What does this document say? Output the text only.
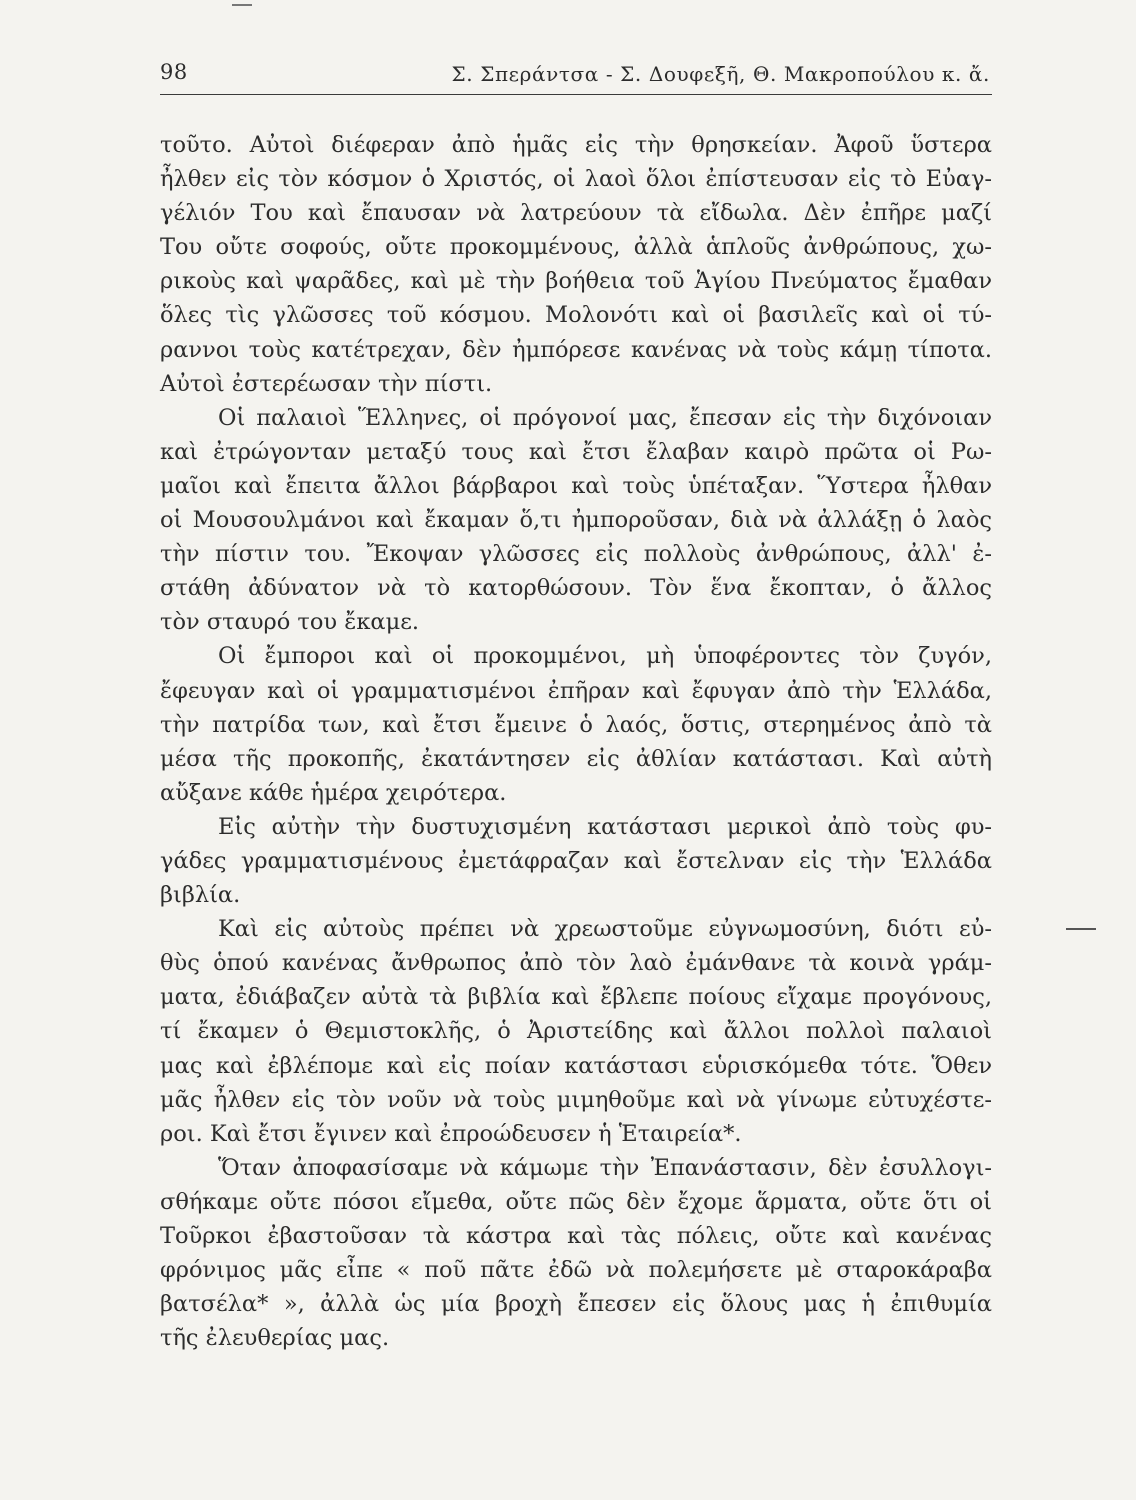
98	Σ. Σπεράντσα - Σ. Δουφεξῆ, Θ. Μακροπούλου κ. ἄ.
τοῦτο. Αὐτοὶ διέφεραν ἀπὸ ἡμᾶς εἰς τὴν θρησκείαν. Ἀφοῦ ὕστερα
ἦλθεν εἰς τὸν κόσμον ὁ Χριστός, οἱ λαοὶ ὅλοι ἐπίστευσαν εἰς τὸ Εὐαγ-
γέλιόν Του καὶ ἔπαυσαν νὰ λατρεύουν τὰ εἴδωλα. Δὲν ἐπῆρε μαζί
Του οὔτε σοφούς, οὔτε προκομμένους, ἀλλὰ ἁπλοῦς ἀνθρώπους, χω-
ρικοὺς καὶ ψαρᾶδες, καὶ μὲ τὴν βοήθεια τοῦ Ἁγίου Πνεύματος ἔμαθαν
ὅλες τὶς γλῶσσες τοῦ κόσμου. Μολονότι καὶ οἱ βασιλεῖς καὶ οἱ τύ-
ραννοι τοὺς κατέτρεχαν, δὲν ἠμπόρεσε κανένας νὰ τοὺς κάμῃ τίποτα.
Αὐτοὶ ἐστερέωσαν τὴν πίστι.
Οἱ παλαιοὶ Ἕλληνες, οἱ πρόγονοί μας, ἔπεσαν εἰς τὴν διχόνοιαν
καὶ ἐτρώγονταν μεταξύ τους καὶ ἔτσι ἔλαβαν καιρὸ πρῶτα οἱ Ρω-
μαῖοι καὶ ἔπειτα ἄλλοι βάρβαροι καὶ τοὺς ὑπέταξαν. Ὕστερα ἦλθαν
οἱ Μουσουλμάνοι καὶ ἔκαμαν ὅ,τι ἠμποροῦσαν, διὰ νὰ ἀλλάξῃ ὁ λαὸς
τὴν πίστιν του. Ἔκοψαν γλῶσσες εἰς πολλοὺς ἀνθρώπους, ἀλλ' ἐ-
στάθη ἀδύνατον νὰ τὸ κατορθώσουν. Τὸν ἕνα ἔκοπταν, ὁ ἄλλος
τὸν σταυρό του ἔκαμε.
Οἱ ἔμποροι καὶ οἱ προκομμένοι, μὴ ὑποφέροντες τὸν ζυγόν,
ἔφευγαν καὶ οἱ γραμματισμένοι ἐπῆραν καὶ ἔφυγαν ἀπὸ τὴν Ἑλλάδα,
τὴν πατρίδα των, καὶ ἔτσι ἔμεινε ὁ λαός, ὅστις, στερημένος ἀπὸ τὰ
μέσα τῆς προκοπῆς, ἐκατάντησεν εἰς ἀθλίαν κατάστασι. Καὶ αὐτὴ
αὔξανε κάθε ἡμέρα χειρότερα.
Εἰς αὐτὴν τὴν δυστυχισμένη κατάστασι μερικοὶ ἀπὸ τοὺς φυ-
γάδες γραμματισμένους ἐμετάφραζαν καὶ ἔστελναν εἰς τὴν Ἑλλάδα
βιβλία.
Καὶ εἰς αὐτοὺς πρέπει νὰ χρεωστοῦμε εὐγνωμοσύνη, διότι εὐ-
θὺς ὁπού κανένας ἄνθρωπος ἀπὸ τὸν λαὸ ἐμάνθανε τὰ κοινὰ γράμ-
ματα, ἐδιάβαζεν αὐτὰ τὰ βιβλία καὶ ἔβλεπε ποίους εἴχαμε προγόνους,
τί ἔκαμεν ὁ Θεμιστοκλῆς, ὁ Ἀριστείδης καὶ ἄλλοι πολλοὶ παλαιοὶ
μας καὶ ἐβλέπομε καὶ εἰς ποίαν κατάστασι εὑρισκόμεθα τότε. Ὅθεν
μᾶς ἦλθεν εἰς τὸν νοῦν νὰ τοὺς μιμηθοῦμε καὶ νὰ γίνωμε εὐτυχέστε-
ροι. Καὶ ἔτσι ἔγινεν καὶ ἐπροώδευσεν ἡ Ἑταιρεία*.
Ὅταν ἀποφασίσαμε νὰ κάμωμε τὴν Ἐπανάστασιν, δὲν ἐσυλλογι-
σθήκαμε οὔτε πόσοι εἴμεθα, οὔτε πῶς δὲν ἔχομε ἅρματα, οὔτε ὅτι οἱ
Τοῦρκοι ἐβαστοῦσαν τὰ κάστρα καὶ τὰς πόλεις, οὔτε καὶ κανένας
φρόνιμος μᾶς εἶπε « ποῦ πᾶτε ἐδῶ νὰ πολεμήσετε μὲ σταροκάραβα
βατσέλα* », ἀλλὰ ὡς μία βροχὴ ἔπεσεν εἰς ὅλους μας ἡ ἐπιθυμία
τῆς ἐλευθερίας μας.
